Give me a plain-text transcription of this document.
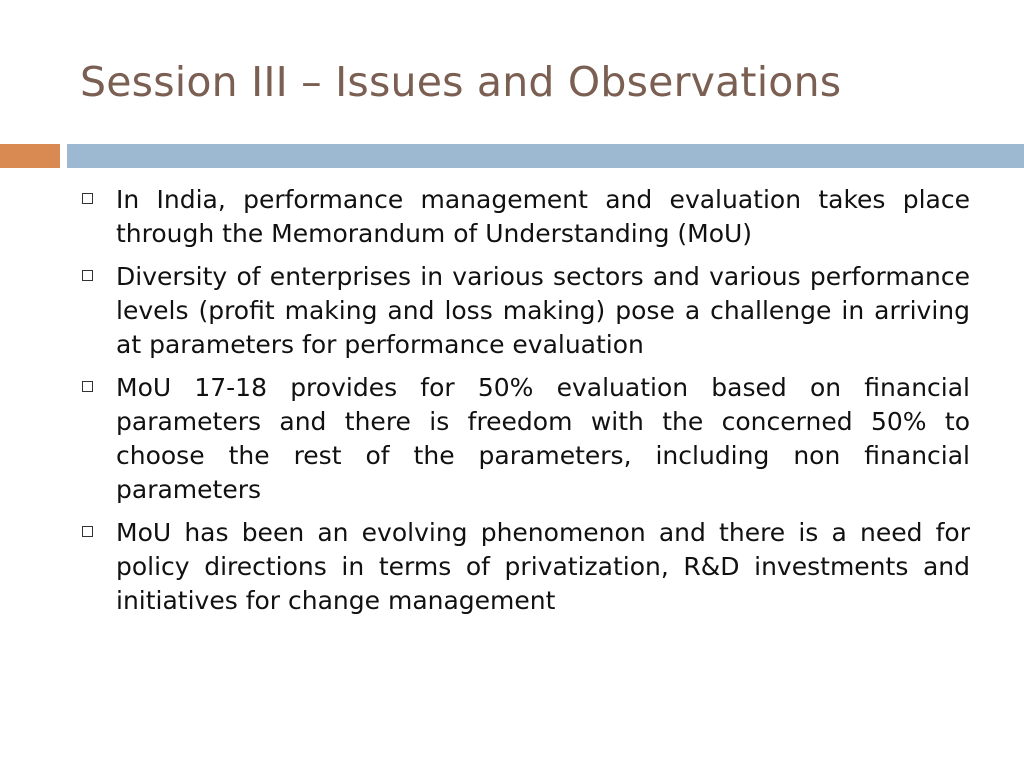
Session III – Issues and Observations
In India, performance management and evaluation takes place through the Memorandum of Understanding (MoU)
Diversity of enterprises in various sectors and various performance levels (profit making and loss making) pose a challenge in arriving at parameters for performance evaluation
MoU 17-18 provides for 50% evaluation based on financial parameters and there is freedom with the concerned 50% to choose the rest of the parameters, including non financial parameters
MoU has been an evolving phenomenon and there is a need for policy directions in terms of privatization, R&D investments and initiatives for change management
